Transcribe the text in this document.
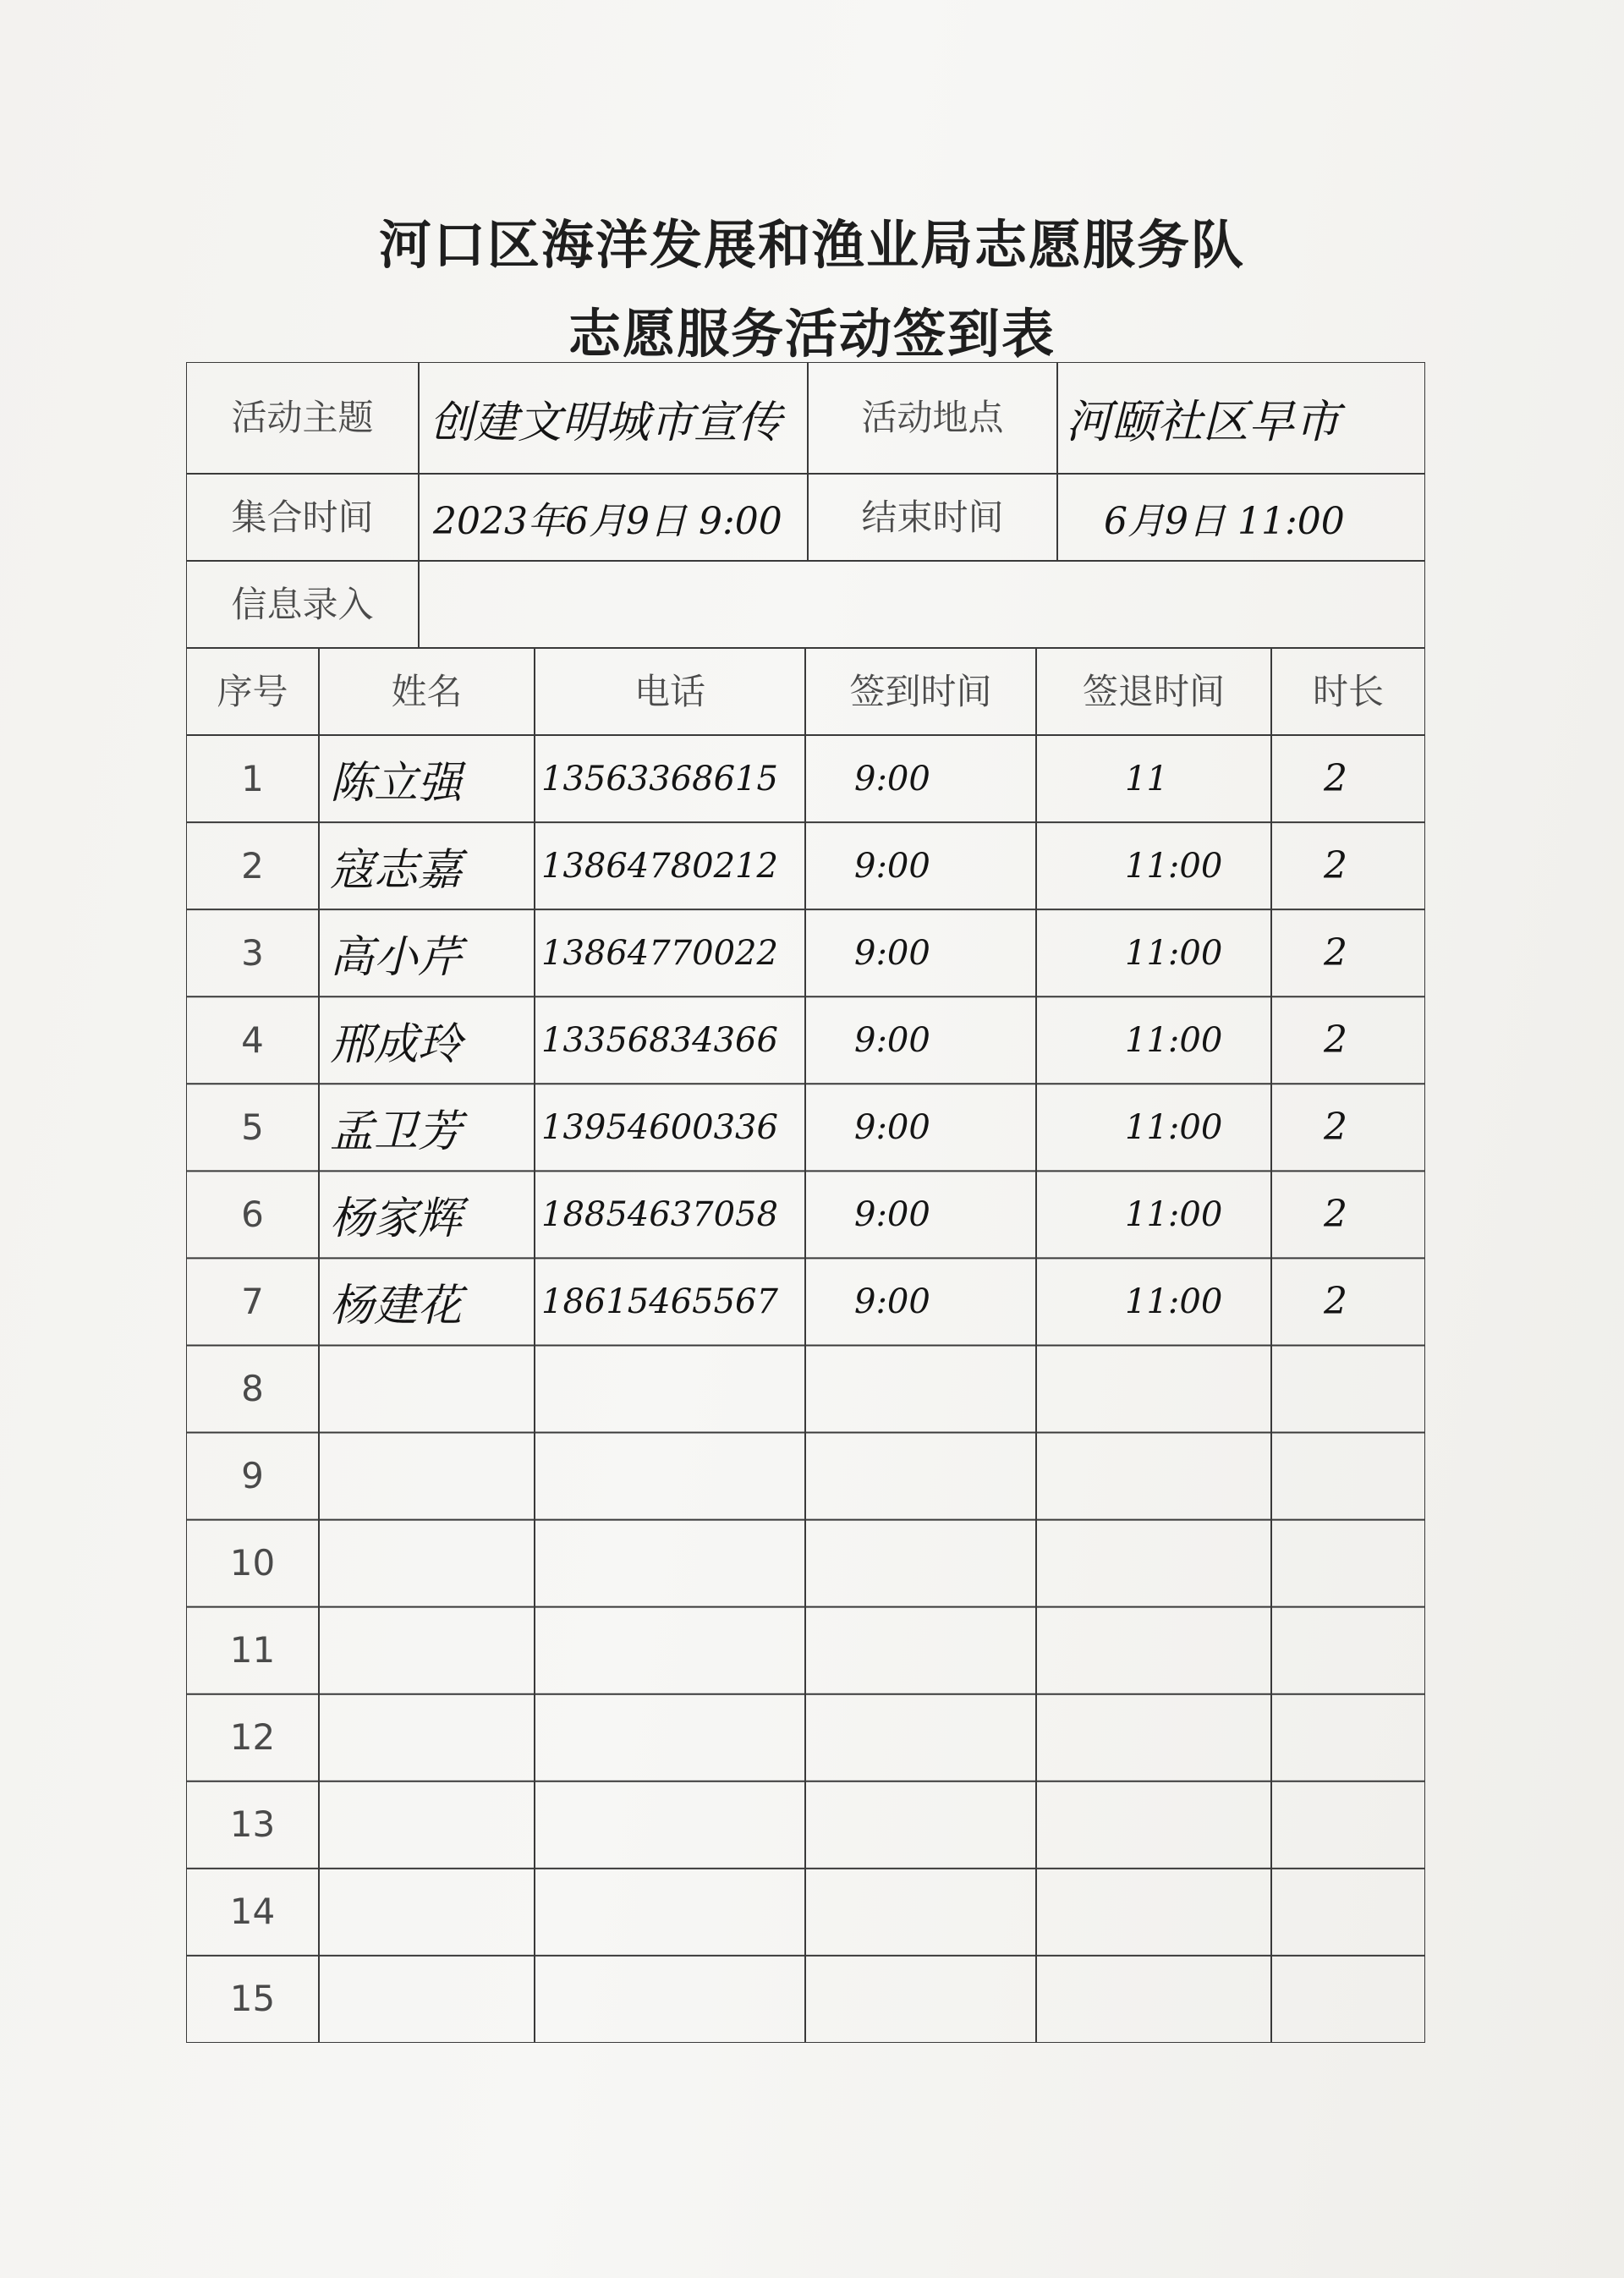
河口区海洋发展和渔业局志愿服务队
志愿服务活动签到表
活动主题	创建文明城市宣传	活动地点	河颐社区早市
集合时间	2023年6月9日 9:00	结束时间	6月9日 11:00
信息录入
序号	姓名	电话	签到时间	签退时间	时长
1	陈立强	13563368615	9:00	11	2
2	寇志嘉	13864780212	9:00	11:00	2
3	高小芹	13864770022	9:00	11:00	2
4	邢成玲	13356834366	9:00	11:00	2
5	孟卫芳	13954600336	9:00	11:00	2
6	杨家辉	18854637058	9:00	11:00	2
7	杨建花	18615465567	9:00	11:00	2
8
9
10
11
12
13
14
15
